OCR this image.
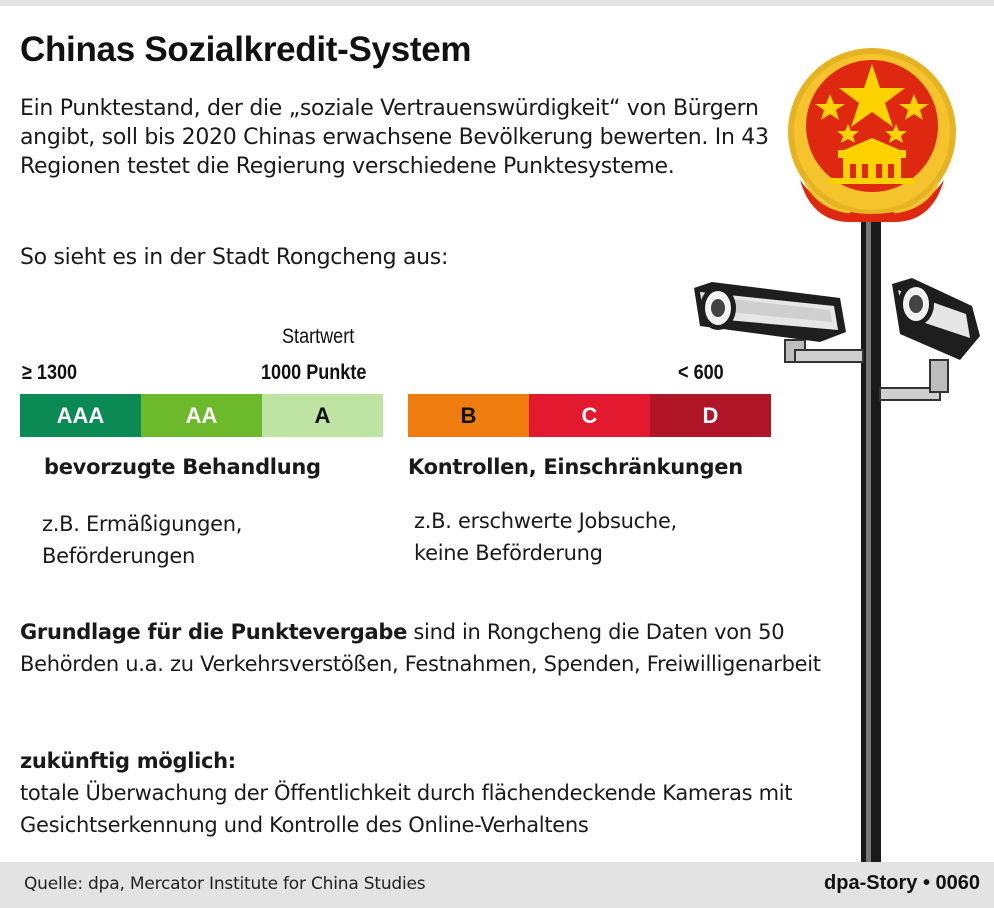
Chinas Sozialkredit-System
Ein Punktestand, der die „soziale Vertrauenswürdigkeit“ von Bürgern angibt, soll bis 2020 Chinas erwachsene Bevölkerung bewerten. In 43 Regionen testet die Regierung verschiedene Punktesysteme.
So sieht es in der Stadt Rongcheng aus:
≥ 1300
Startwert
1000 Punkte	< 600
AAA	AA	A	B	C	D
bevorzugte Behandlung
z.B. Ermäßigungen,
Beförderungen
Kontrollen, Einschränkungen
z.B. erschwerte Jobsuche,
keine Beförderung
Grundlage für die Punktevergabe sind in Rongcheng die Daten von 50 Behörden u.a. zu Verkehrsverstößen, Festnahmen, Spenden, Freiwilligenarbeit
zukünftig möglich:
totale Überwachung der Öffentlichkeit durch flächendeckende Kameras mit Gesichtserkennung und Kontrolle des Online-Verhaltens
Quelle: dpa, Mercator Institute for China Studies	dpa-Story • 0060
